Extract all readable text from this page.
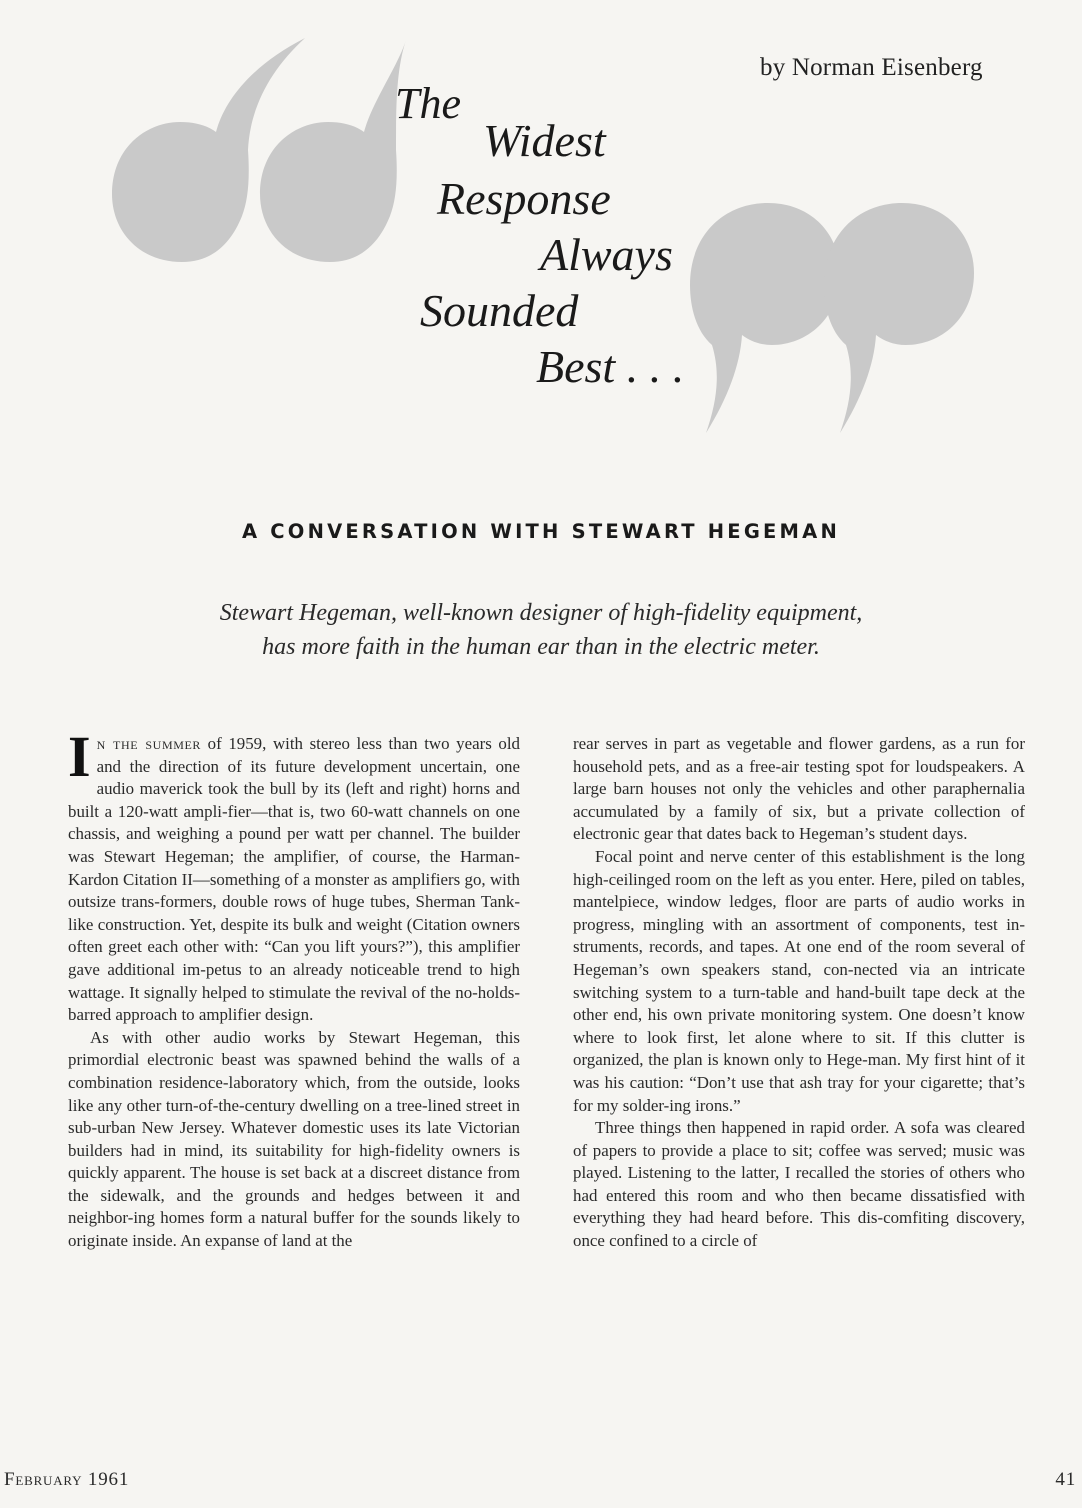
by Norman Eisenberg
The
Widest
Response
Always
Sounded
Best . . .
A CONVERSATION WITH STEWART HEGEMAN
Stewart Hegeman, well-known designer of high-fidelity equipment,
has more faith in the human ear than in the electric meter.

In the summer of 1959, with stereo less than two years old and the direction of its future development uncertain, one audio maverick took the bull by its (left and right) horns and built a 120-watt ampli-fier—that is, two 60-watt channels on one chassis, and weighing a pound per watt per channel. The builder was Stewart Hegeman; the amplifier, of course, the Harman-Kardon Citation II—something of a monster as amplifiers go, with outsize trans-formers, double rows of huge tubes, Sherman Tank-like construction. Yet, despite its bulk and weight (Citation owners often greet each other with: “Can you lift yours?”), this amplifier gave additional im-petus to an already noticeable trend to high wattage. It signally helped to stimulate the revival of the no-holds-barred approach to amplifier design.

As with other audio works by Stewart Hegeman, this primordial electronic beast was spawned behind the walls of a combination residence-laboratory which, from the outside, looks like any other turn-of-the-century dwelling on a tree-lined street in sub-urban New Jersey. Whatever domestic uses its late Victorian builders had in mind, its suitability for high-fidelity owners is quickly apparent. The house is set back at a discreet distance from the sidewalk, and the grounds and hedges between it and neighbor-ing homes form a natural buffer for the sounds likely to originate inside. An expanse of land at the

rear serves in part as vegetable and flower gardens, as a run for household pets, and as a free-air testing spot for loudspeakers. A large barn houses not only the vehicles and other paraphernalia accumulated by a family of six, but a private collection of electronic gear that dates back to Hegeman’s student days.

Focal point and nerve center of this establishment is the long high-ceilinged room on the left as you enter. Here, piled on tables, mantelpiece, window ledges, floor are parts of audio works in progress, mingling with an assortment of components, test in-struments, records, and tapes. At one end of the room several of Hegeman’s own speakers stand, con-nected via an intricate switching system to a turn-table and hand-built tape deck at the other end, his own private monitoring system. One doesn’t know where to look first, let alone where to sit. If this clutter is organized, the plan is known only to Hege-man. My first hint of it was his caution: “Don’t use that ash tray for your cigarette; that’s for my solder-ing irons.”

Three things then happened in rapid order. A sofa was cleared of papers to provide a place to sit; coffee was served; music was played. Listening to the latter, I recalled the stories of others who had entered this room and who then became dissatisfied with everything they had heard before. This dis-comfiting discovery, once confined to a circle of

February 1961	41
